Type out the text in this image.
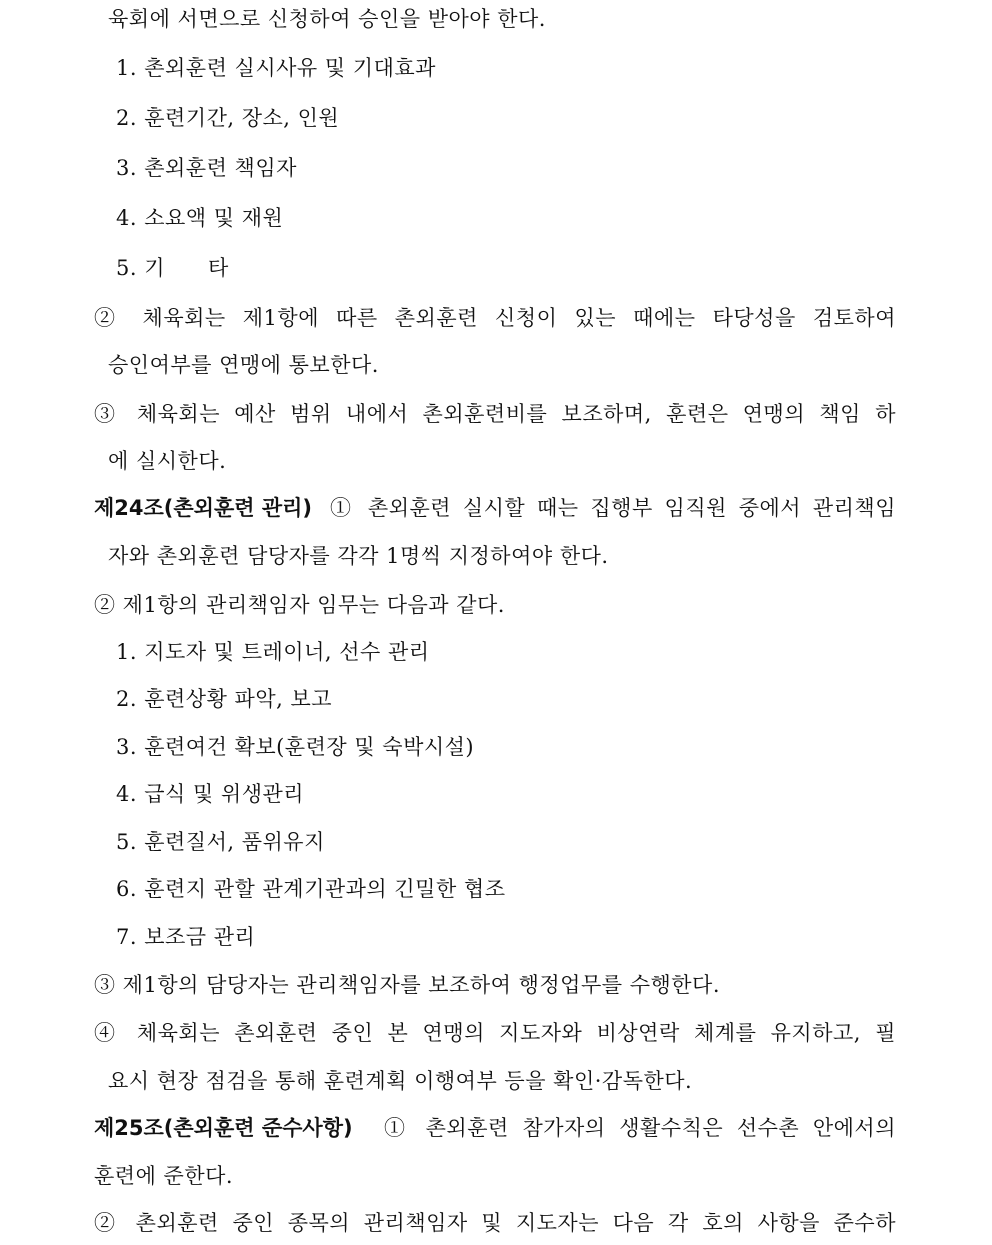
육회에 서면으로 신청하여 승인을 받아야 한다.
1. 촌외훈련 실시사유 및 기대효과
2. 훈련기간, 장소, 인원
3. 촌외훈련 책임자
4. 소요액 및 재원
5. 기      타
② 체육회는 제1항에 따른 촌외훈련 신청이 있는 때에는 타당성을 검토하여
승인여부를 연맹에 통보한다.
③ 체육회는 예산 범위 내에서 촌외훈련비를 보조하며, 훈련은 연맹의 책임 하
에 실시한다.
제24조(촌외훈련 관리) ① 촌외훈련 실시할 때는 집행부 임직원 중에서 관리책임
자와 촌외훈련 담당자를 각각 1명씩 지정하여야 한다.
② 제1항의 관리책임자 임무는 다음과 같다.
1. 지도자 및 트레이너, 선수 관리
2. 훈련상황 파악, 보고
3. 훈련여건 확보(훈련장 및 숙박시설)
4. 급식 및 위생관리
5. 훈련질서, 품위유지
6. 훈련지 관할 관계기관과의 긴밀한 협조
7. 보조금 관리
③ 제1항의 담당자는 관리책임자를 보조하여 행정업무를 수행한다.
④ 체육회는 촌외훈련 중인 본 연맹의 지도자와 비상연락 체계를 유지하고, 필
요시 현장 점검을 통해 훈련계획 이행여부 등을 확인·감독한다.
제25조(촌외훈련 준수사항) ① 촌외훈련 참가자의 생활수칙은 선수촌 안에서의
훈련에 준한다.
② 촌외훈련 중인 종목의 관리책임자 및 지도자는 다음 각 호의 사항을 준수하
